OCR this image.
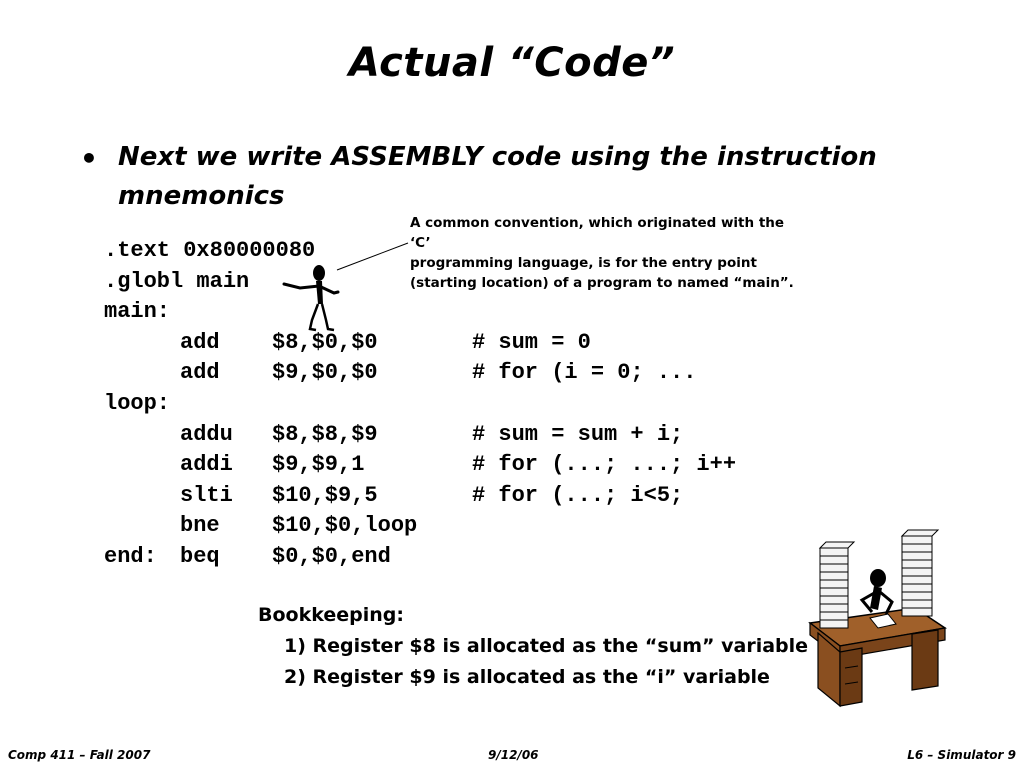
Actual “Code”
• Next we write ASSEMBLY code using the instruction
mnemonics
A common convention, which originated with the ‘C’
programming language, is for the entry point
(starting location) of a program to named “main”.
.text 0x80000080
.globl main
main:
add $8,$0,$0	# sum = 0
add $9,$0,$0	# for (i = 0; ...
loop:
addu $8,$8,$9	# sum = sum + i;
addi $9,$9,1	# for (...; ...; i++
slti $10,$9,5	# for (...; i<5;
bne $10,$0,loop
end: beq $0,$0,end
Bookkeeping:
1) Register $8 is allocated as the “sum” variable
2) Register $9 is allocated as the “i” variable
Comp 411 – Fall 2007	9/12/06	L6 – Simulator 9
